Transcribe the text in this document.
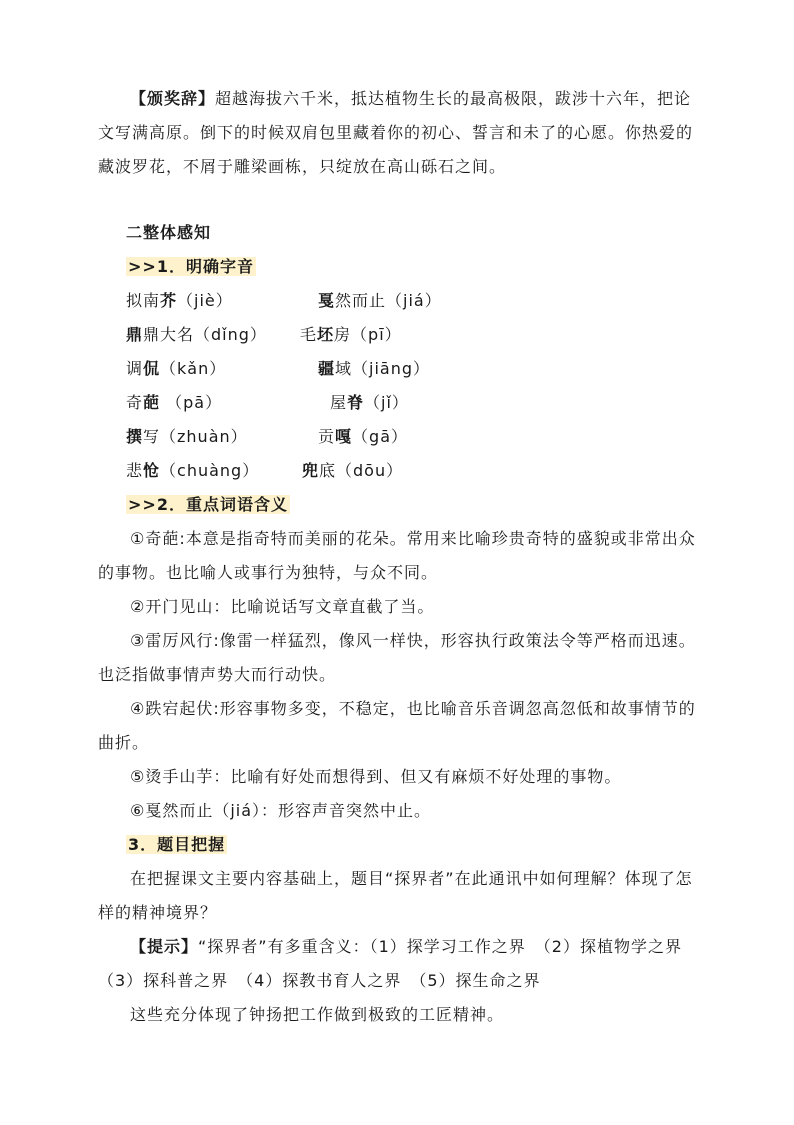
【颁奖辞】超越海拔六千米，抵达植物生长的最高极限，跋涉十六年，把论文写满高原。倒下的时候双肩包里藏着你的初心、誓言和未了的心愿。你热爱的藏波罗花，不屑于雕梁画栋，只绽放在高山砾石之间。

二整体感知
>>1．明确字音
拟南芥（jiè）
鼎鼎大名（dǐng）
调侃（kǎn）
奇葩 （pā）
撰写（zhuàn）
悲怆（chuàng）
戛然而止（jiá）
毛坯房（pī）
疆域（jiāng）
屋脊（jǐ）
贡嘎（gā）
兜底（dōu）
>>2．重点词语含义

①奇葩:本意是指奇特而美丽的花朵。常用来比喻珍贵奇特的盛貌或非常出众的事物。也比喻人或事行为独特，与众不同。

②开门见山：比喻说话写文章直截了当。

③雷厉风行:像雷一样猛烈，像风一样快，形容执行政策法令等严格而迅速。也泛指做事情声势大而行动快。

④跌宕起伏:形容事物多变，不稳定，也比喻音乐音调忽高忽低和故事情节的曲折。

⑤烫手山芋：比喻有好处而想得到、但又有麻烦不好处理的事物。

⑥戛然而止（jiá）：形容声音突然中止。

3．题目把握

在把握课文主要内容基础上，题目“探界者”在此通讯中如何理解？体现了怎样的精神境界？

【提示】“探界者”有多重含义：（1）探学习工作之界　（2）探植物学之界　（3）探科普之界　（4）探教书育人之界　（5）探生命之界

这些充分体现了钟扬把工作做到极致的工匠精神。
